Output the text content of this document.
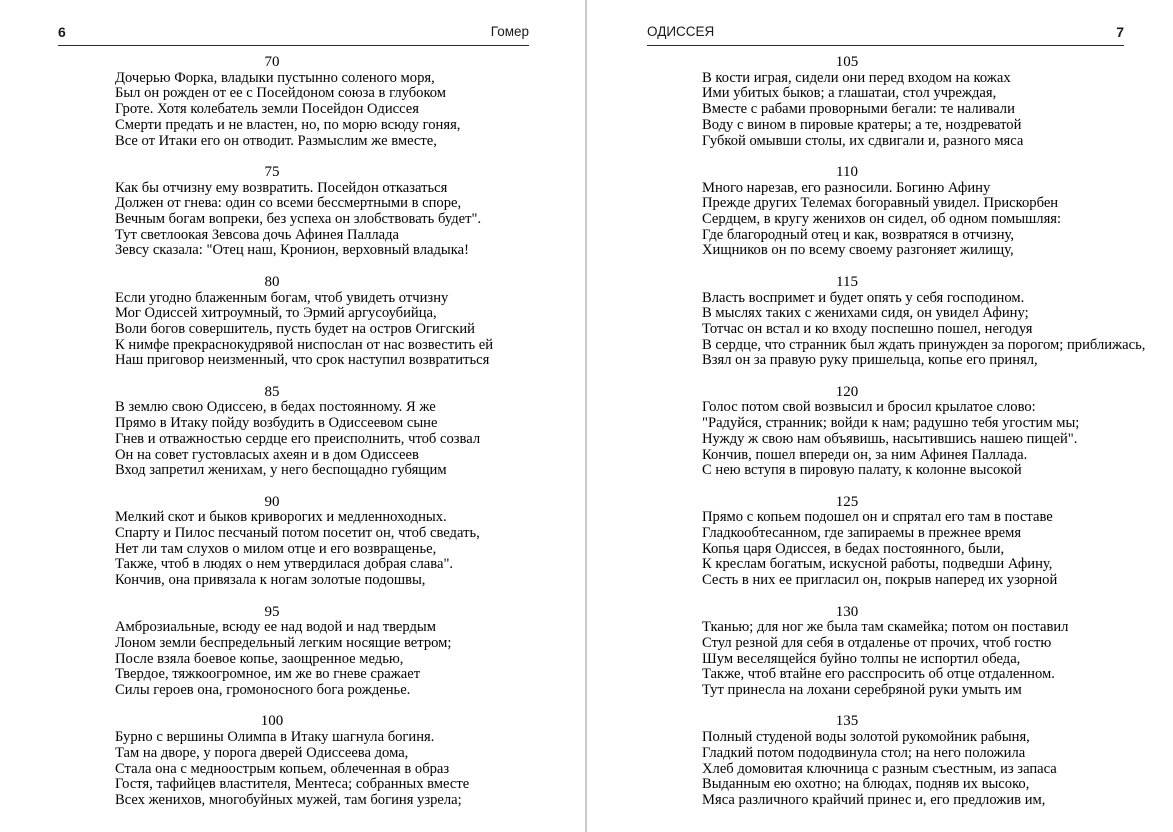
6	Гомер
70
Дочерью Форка, владыки пустынно соленого моря,
Был он рожден от ее с Посейдоном союза в глубоком
Гроте. Хотя колебатель земли Посейдон Одиссея
Смерти предать и не властен, но, по морю всюду гоняя,
Все от Итаки его он отводит. Размыслим же вместе,
75
Как бы отчизну ему возвратить. Посейдон отказаться
Должен от гнева: один со всеми бессмертными в споре,
Вечным богам вопреки, без успеха он злобствовать будет".
Тут светлоокая Зевсова дочь Афинея Паллада
Зевсу сказала: "Отец наш, Кронион, верховный владыка!
80
Если угодно блаженным богам, чтоб увидеть отчизну
Мог Одиссей хитроумный, то Эрмий аргусоубийца,
Воли богов совершитель, пусть будет на остров Огигский
К нимфе прекраснокудрявой ниспослан от нас возвестить ей
Наш приговор неизменный, что срок наступил возвратиться
85
В землю свою Одиссею, в бедах постоянному. Я же
Прямо в Итаку пойду возбудить в Одиссеевом сыне
Гнев и отважностью сердце его преисполнить, чтоб созвал
Он на совет густовласых ахеян и в дом Одиссеев
Вход запретил женихам, у него беспощадно губящим
90
Мелкий скот и быков криворогих и медленноходных.
Спарту и Пилос песчаный потом посетит он, чтоб сведать,
Нет ли там слухов о милом отце и его возвращенье,
Также, чтоб в людях о нем утвердилася добрая слава".
Кончив, она привязала к ногам золотые подошвы,
95
Амброзиальные, всюду ее над водой и над твердым
Лоном земли беспредельный легким носящие ветром;
После взяла боевое копье, заощренное медью,
Твердое, тяжкоогромное, им же во гневе сражает
Силы героев она, громоносного бога рожденье.
100
Бурно с вершины Олимпа в Итаку шагнула богиня.
Там на дворе, у порога дверей Одиссеева дома,
Стала она с медноострым копьем, облеченная в образ
Гостя, тафийцев властителя, Ментеса; собранных вместе
Всех женихов, многобуйных мужей, там богиня узрела;
ОДИССЕЯ	7
105
В кости играя, сидели они перед входом на кожах
Ими убитых быков; а глашатаи, стол учреждая,
Вместе с рабами проворными бегали: те наливали
Воду с вином в пировые кратеры; а те, ноздреватой
Губкой омывши столы, их сдвигали и, разного мяса
110
Много нарезав, его разносили. Богиню Афину
Прежде других Телемах богоравный увидел. Прискорбен
Сердцем, в кругу женихов он сидел, об одном помышляя:
Где благородный отец и как, возвратяся в отчизну,
Хищников он по всему своему разгоняет жилищу,
115
Власть воспримет и будет опять у себя господином.
В мыслях таких с женихами сидя, он увидел Афину;
Тотчас он встал и ко входу поспешно пошел, негодуя
В сердце, что странник был ждать принужден за порогом; приближась,
Взял он за правую руку пришельца, копье его принял,
120
Голос потом свой возвысил и бросил крылатое слово:
"Радуйся, странник; войди к нам; радушно тебя угостим мы;
Нужду ж свою нам объявишь, насытившись нашею пищей".
Кончив, пошел впереди он, за ним Афинея Паллада.
С нею вступя в пировую палату, к колонне высокой
125
Прямо с копьем подошел он и спрятал его там в поставе
Гладкообтесанном, где запираемы в прежнее время
Копья царя Одиссея, в бедах постоянного, были,
К креслам богатым, искусной работы, подведши Афину,
Сесть в них ее пригласил он, покрыв наперед их узорной
130
Тканью; для ног же была там скамейка; потом он поставил
Стул резной для себя в отдаленье от прочих, чтоб гостю
Шум веселящейся буйно толпы не испортил обеда,
Также, чтоб втайне его расспросить об отце отдаленном.
Тут принесла на лохани серебряной руки умыть им
135
Полный студеной воды золотой рукомойник рабыня,
Гладкий потом пододвинула стол; на него положила
Хлеб домовитая ключница с разным съестным, из запаса
Выданным ею охотно; на блюдах, подняв их высоко,
Мяса различного крайчий принес и, его предложив им,
